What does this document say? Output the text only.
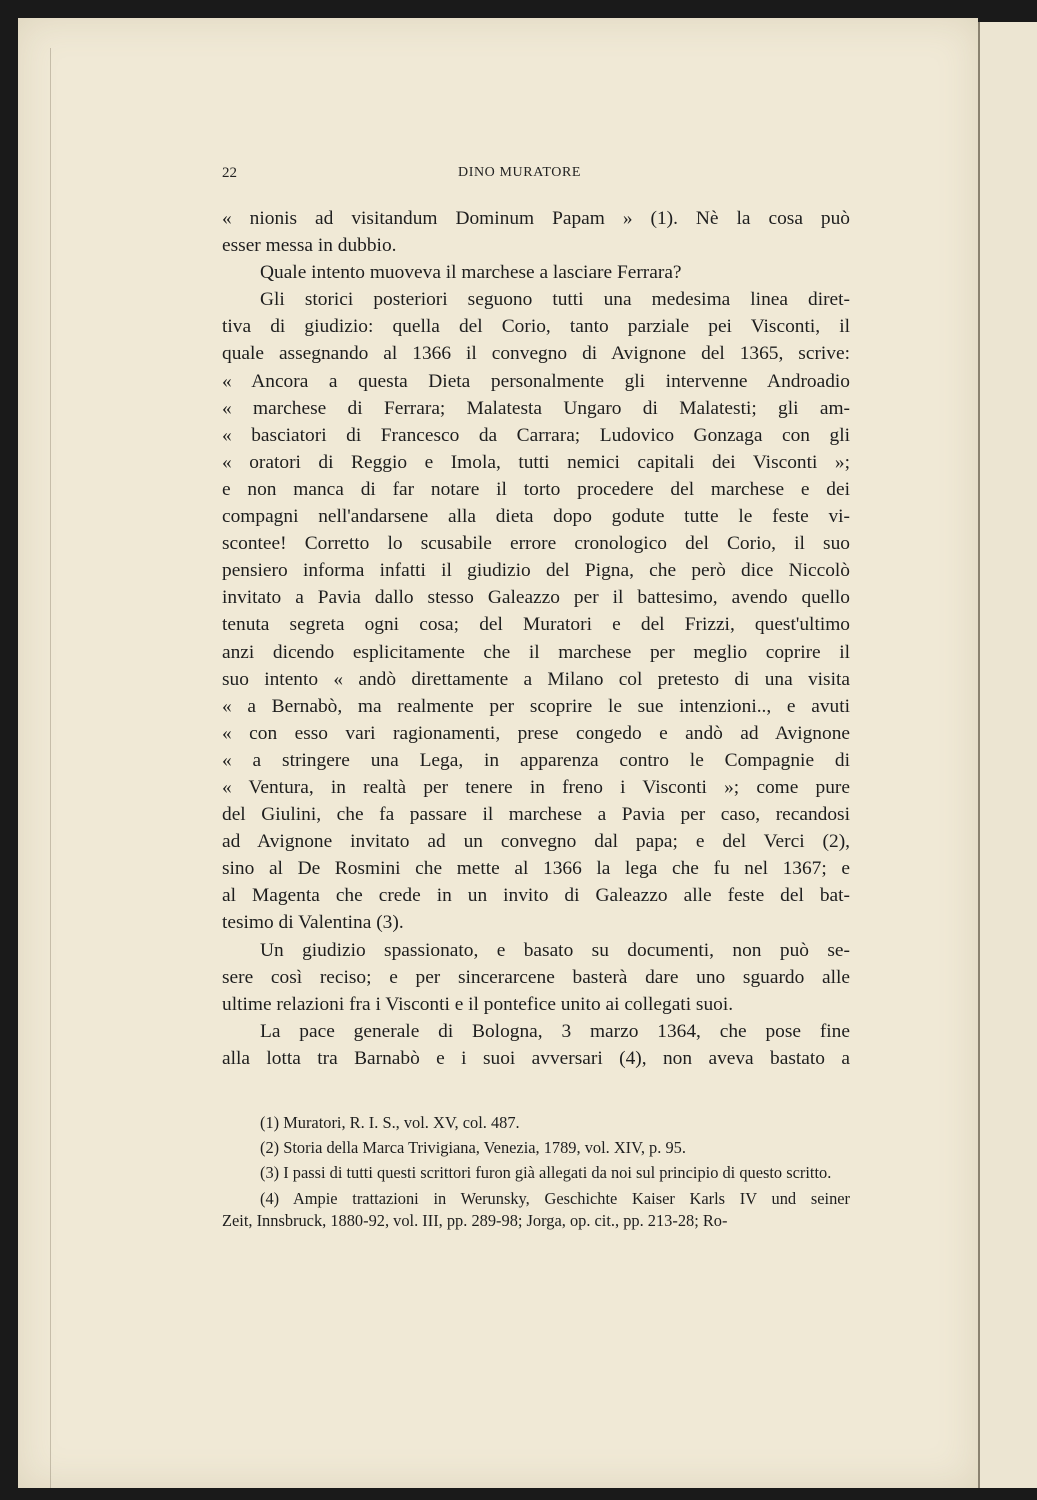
22	DINO MURATORE

« nionis ad visitandum Dominum Papam » (1). Nè la cosa può

esser messa in dubbio.

Quale intento muoveva il marchese a lasciare Ferrara?

Gli storici posteriori seguono tutti una medesima linea diret-

tiva di giudizio: quella del Corio, tanto parziale pei Visconti, il

quale assegnando al 1366 il convegno di Avignone del 1365, scrive:

« Ancora a questa Dieta personalmente gli intervenne Androadio

« marchese di Ferrara; Malatesta Ungaro di Malatesti; gli am-

« basciatori di Francesco da Carrara; Ludovico Gonzaga con gli

« oratori di Reggio e Imola, tutti nemici capitali dei Visconti »;

e non manca di far notare il torto procedere del marchese e dei

compagni nell'andarsene alla dieta dopo godute tutte le feste vi-

scontee! Corretto lo scusabile errore cronologico del Corio, il suo

pensiero informa infatti il giudizio del Pigna, che però dice Niccolò

invitato a Pavia dallo stesso Galeazzo per il battesimo, avendo quello

tenuta segreta ogni cosa; del Muratori e del Frizzi, quest'ultimo

anzi dicendo esplicitamente che il marchese per meglio coprire il

suo intento « andò direttamente a Milano col pretesto di una visita

« a Bernabò, ma realmente per scoprire le sue intenzioni.., e avuti

« con esso vari ragionamenti, prese congedo e andò ad Avignone

« a stringere una Lega, in apparenza contro le Compagnie di

« Ventura, in realtà per tenere in freno i Visconti »; come pure

del Giulini, che fa passare il marchese a Pavia per caso, recandosi

ad Avignone invitato ad un convegno dal papa; e del Verci (2),

sino al De Rosmini che mette al 1366 la lega che fu nel 1367; e

al Magenta che crede in un invito di Galeazzo alle feste del bat-

tesimo di Valentina (3).

Un giudizio spassionato, e basato su documenti, non può se-

sere così reciso; e per sincerarcene basterà dare uno sguardo alle

ultime relazioni fra i Visconti e il pontefice unito ai collegati suoi.

La pace generale di Bologna, 3 marzo 1364, che pose fine

alla lotta tra Barnabò e i suoi avversari (4), non aveva bastato a

(1) Muratori, R. I. S., vol. XV, col. 487.

(2) Storia della Marca Trivigiana, Venezia, 1789, vol. XIV, p. 95.

(3) I passi di tutti questi scrittori furon già allegati da noi sul principio di questo scritto.

(4) Ampie trattazioni in Werunsky, Geschichte Kaiser Karls IV und seiner

Zeit, Innsbruck, 1880-92, vol. III, pp. 289-98; Jorga, op. cit., pp. 213-28; Ro-
